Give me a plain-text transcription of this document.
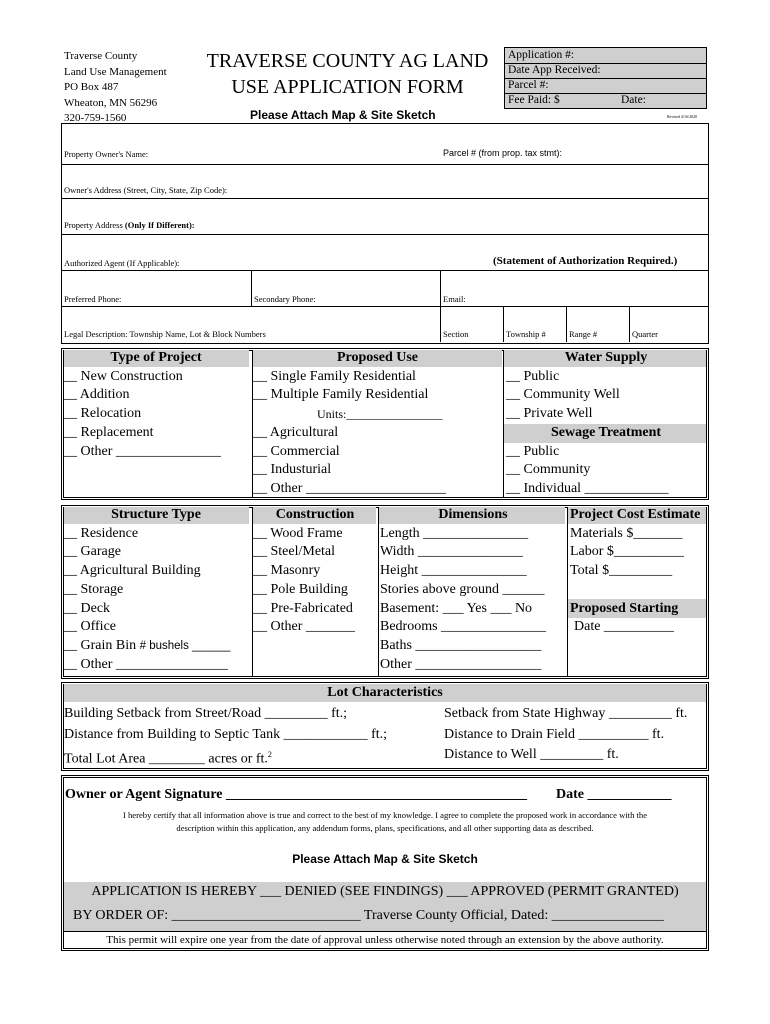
Traverse County
Land Use Management
PO Box 487
Wheaton, MN 56296
320-759-1560
TRAVERSE COUNTY AG LAND
USE APPLICATION FORM
Please Attach Map & Site Sketch
Application #:
Date App Received:
Parcel #:
Fee Paid: $	Date:
Revised 4/16/2020
Property Owner's Name:	Parcel # (from prop. tax stmt):
Owner's Address (Street, City, State, Zip Code):
Property Address (Only If Different):
Authorized Agent (If Applicable):	(Statement of Authorization Required.)
Preferred Phone:	Secondary Phone:	Email:
Legal Description: Township Name, Lot & Block Numbers	Section	Township #	Range #	Quarter
Type of Project
__ New Construction
__ Addition
__ Relocation
__ Replacement
__ Other _______________
Proposed Use
__ Single Family Residential
__ Multiple Family Residential
Units:________________
__ Agricultural
__ Commercial
__ Industurial
__ Other ____________________
Water Supply
__ Public
__ Community Well
__ Private Well
Sewage Treatment
__ Public
__ Community
__ Individual ____________
Structure Type
__ Residence
__ Garage
__ Agricultural Building
__ Storage
__ Deck
__ Office
__ Grain Bin # bushels ______
__ Other ________________
Construction
__ Wood Frame
__ Steel/Metal
__ Masonry
__ Pole Building
__ Pre-Fabricated
__ Other _______
Dimensions
Length _______________
Width _______________
Height _______________
Stories above ground ______
Basement: ___ Yes ___ No
Bedrooms _______________
Baths __________________
Other __________________
Project Cost Estimate
Materials $_______
Labor $__________
Total $_________
Proposed Starting
Date __________
Lot Characteristics
Building Setback from Street/Road _________ ft.;
Distance from Building to Septic Tank ____________ ft.;
Total Lot Area ________ acres or ft.$^2$
Setback from State Highway _________ ft.
Distance to Drain Field __________ ft.
Distance to Well _________ ft.
Owner or Agent Signature ___________________________________________ Date ____________
I hereby certify that all information above is true and correct to the best of my knowledge. I agree to complete the proposed work in accordance with the
description within this application, any addendum forms, plans, specifications, and all other supporting data as described.
Please Attach Map & Site Sketch
APPLICATION IS HEREBY ___ DENIED (SEE FINDINGS) ___ APPROVED (PERMIT GRANTED)
BY ORDER OF: ___________________________ Traverse County Official, Dated: ________________
This permit will expire one year from the date of approval unless otherwise noted through an extension by the above authority.
